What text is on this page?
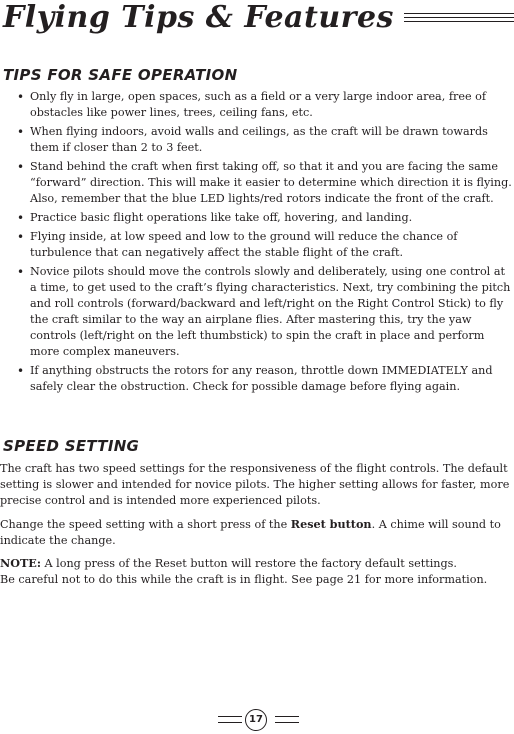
Flying Tips & Features
TIPS FOR SAFE OPERATION
• Only fly in large, open spaces, such as a field or a very large indoor area, free of obstacles like power lines, trees, ceiling fans, etc.
• When flying indoors, avoid walls and ceilings, as the craft will be drawn towards them if closer than 2 to 3 feet.
• Stand behind the craft when first taking off, so that it and you are facing the same “forward” direction. This will make it easier to determine which direction it is flying. Also, remember that the blue LED lights/red rotors indicate the front of the craft.
• Practice basic flight operations like take off, hovering, and landing.
• Flying inside, at low speed and low to the ground will reduce the chance of turbulence that can negatively affect the stable flight of the craft.
• Novice pilots should move the controls slowly and deliberately, using one control at a time, to get used to the craft’s flying characteristics. Next, try combining the pitch and roll controls (forward/backward and left/right on the Right Control Stick) to fly the craft similar to the way an airplane flies. After mastering this, try the yaw controls (left/right on the left thumbstick) to spin the craft in place and perform more complex maneuvers.
• If anything obstructs the rotors for any reason, throttle down IMMEDIATELY and safely clear the obstruction. Check for possible damage before flying again.
SPEED SETTING

The craft has two speed settings for the responsiveness of the flight controls. The default setting is slower and intended for novice pilots. The higher setting allows for faster, more precise control and is intended more experienced pilots.

Change the speed setting with a short press of the Reset button. A chime will sound to indicate the change.

NOTE: A long press of the Reset button will restore the factory default settings.
Be careful not to do this while the craft is in flight. See page 21 for more information.

17
